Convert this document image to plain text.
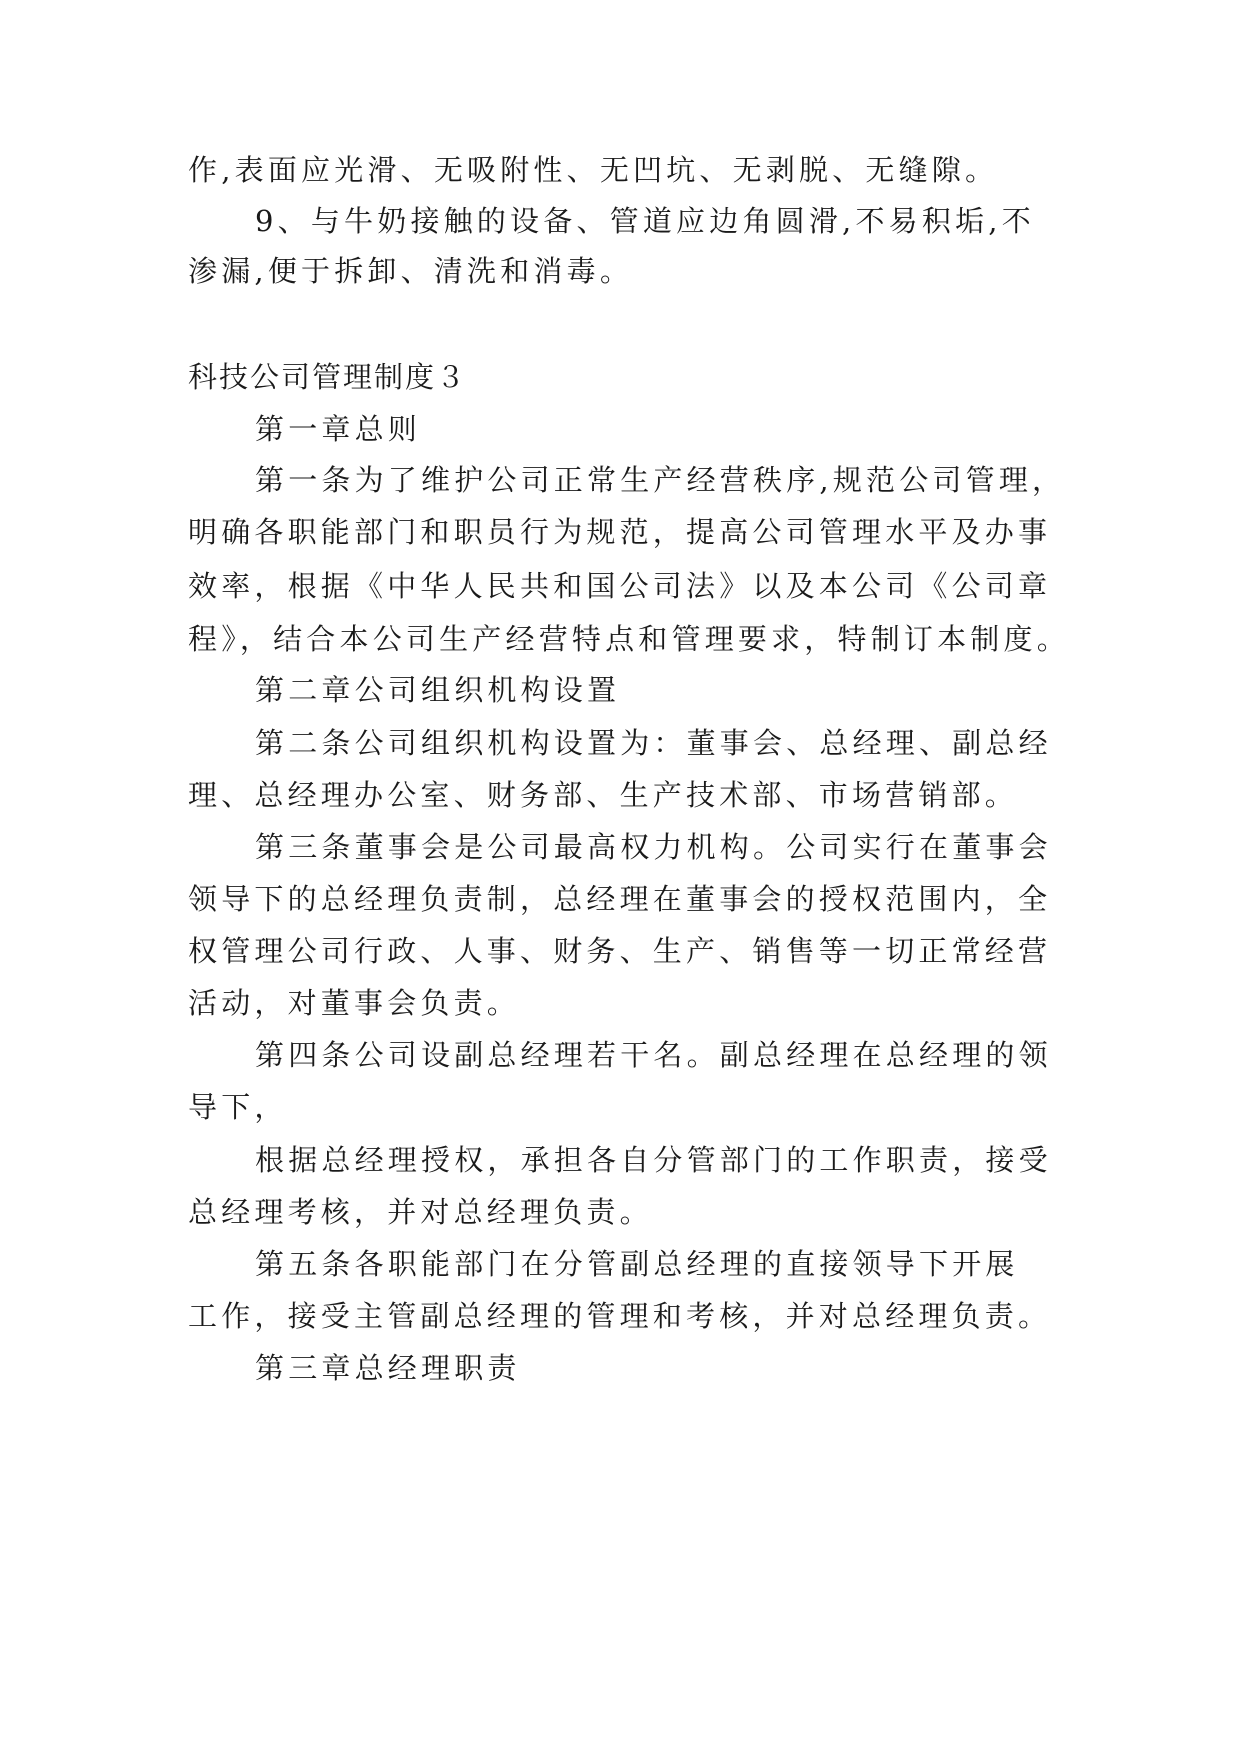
作,表面应光滑、无吸附性、无凹坑、无剥脱、无缝隙。

9、与牛奶接触的设备、管道应边角圆滑,不易积垢,不

渗漏,便于拆卸、清洗和消毒。

科技公司管理制度３

第一章总则

第一条为了维护公司正常生产经营秩序,规范公司管理，

明确各职能部门和职员行为规范，提高公司管理水平及办事

效率，根据《中华人民共和国公司法》以及本公司《公司章

程》，结合本公司生产经营特点和管理要求，特制订本制度。

第二章公司组织机构设置

第二条公司组织机构设置为：董事会、总经理、副总经

理、总经理办公室、财务部、生产技术部、市场营销部。

第三条董事会是公司最高权力机构。公司实行在董事会

领导下的总经理负责制，总经理在董事会的授权范围内，全

权管理公司行政、人事、财务、生产、销售等一切正常经营

活动，对董事会负责。

第四条公司设副总经理若干名。副总经理在总经理的领

导下，

根据总经理授权，承担各自分管部门的工作职责，接受

总经理考核，并对总经理负责。

第五条各职能部门在分管副总经理的直接领导下开展

工作，接受主管副总经理的管理和考核，并对总经理负责。

第三章总经理职责
